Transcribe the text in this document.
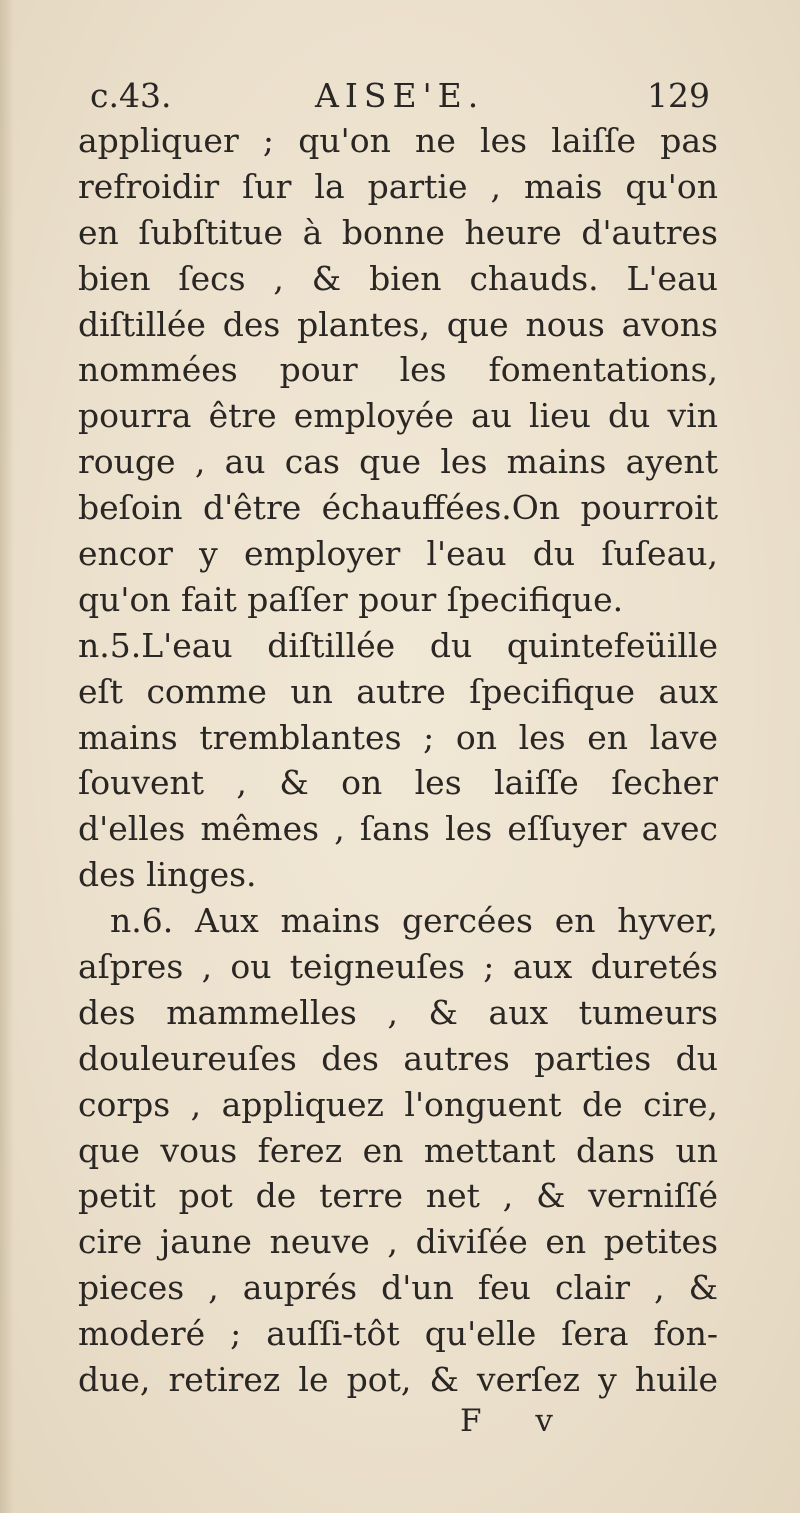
c.43.	AISE'E.	129
appliquer ; qu'on ne les laiſſe pas
refroidir ſur la partie , mais qu'on
en ſubſtitue à bonne heure d'autres
bien ſecs , & bien chauds. L'eau
diſtillée des plantes, que nous avons
nommées pour les fomentations,
pourra être employée au lieu du vin
rouge , au cas que les mains ayent
beſoin d'être échauffées.On pourroit
encor y employer l'eau du ſuſeau,
qu'on fait paſſer pour ſpecifique.
n.5.L'eau diſtillée du quintefeüille
eſt comme un autre ſpecifique aux
mains tremblantes ; on les en lave
ſouvent , & on les laiſſe ſecher
d'elles mêmes , ſans les eſſuyer avec
des linges.
n.6. Aux mains gercées en hyver,
aſpres , ou teigneuſes ; aux duretés
des mammelles , & aux tumeurs
douleureuſes des autres parties du
corps , appliquez l'onguent de cire,
que vous ferez en mettant dans un
petit pot de terre net , & verniſſé
cire jaune neuve , diviſée en petites
pieces , auprés d'un feu clair , &
moderé ; auſſi-tôt qu'elle ſera fon-
due, retirez le pot, & verſez y huile
F v
